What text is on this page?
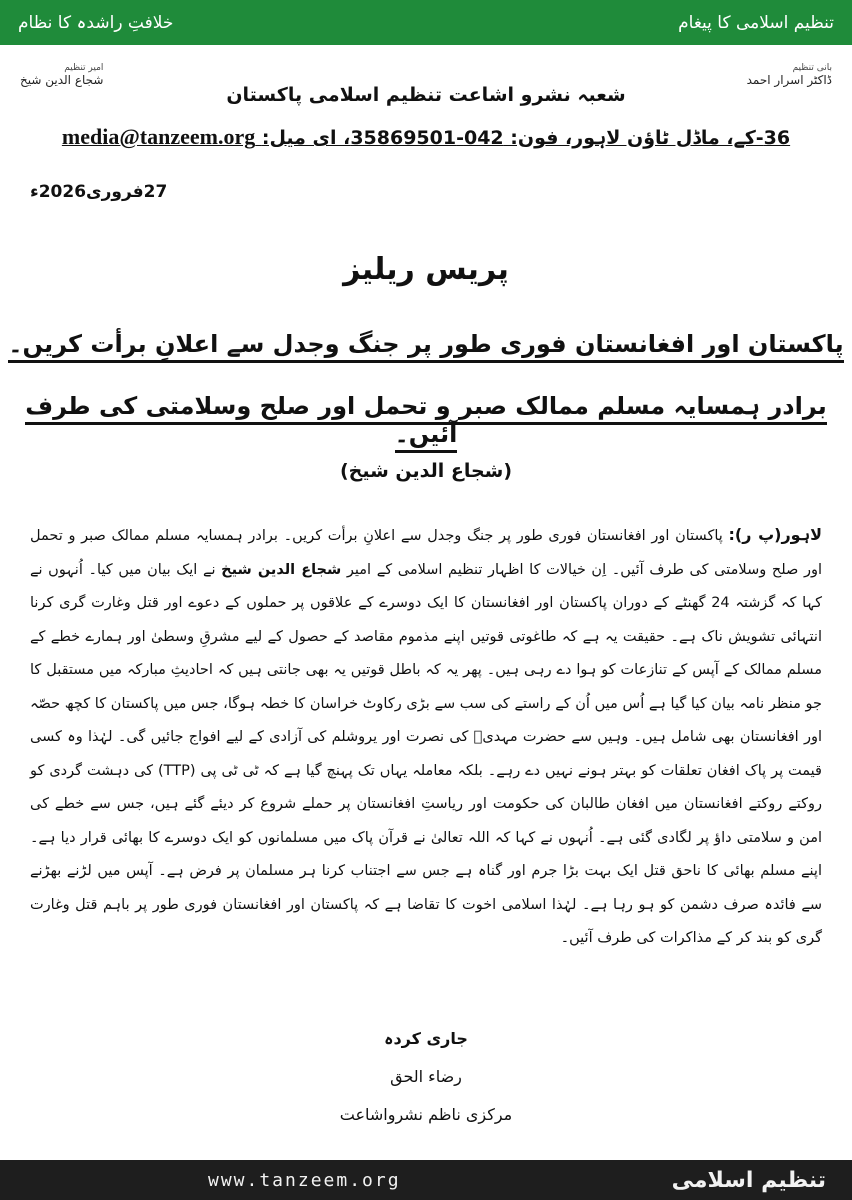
خلافتِ راشدہ کا نظام	تنظیم اسلامی کا پیغام
امیر تنظیم
شجاع الدین شیخ
بانی تنظیم
ڈاکٹر اسرار احمد
شعبہ نشرو اشاعت تنظیم اسلامی پاکستان
36-کے، ماڈل ٹاؤن لاہور، فون: 042-35869501، ای میل: media@tanzeem.org
27فروری2026ء
پریس ریلیز
پاکستان اور افغانستان فوری طور پر جنگ وجدل سے اعلانِ برأت کریں۔
برادر ہمسایہ مسلم ممالک صبر و تحمل اور صلح وسلامتی کی طرف آئیں۔
(شجاع الدین شیخ)
لاہور(پ ر): پاکستان اور افغانستان فوری طور پر جنگ وجدل سے اعلانِ برأت کریں۔ برادر ہمسایہ مسلم ممالک صبر و تحمل اور صلح وسلامتی کی طرف آئیں۔ اِن خیالات کا اظہار تنظیم اسلامی کے امیر شجاع الدین شیخ نے ایک بیان میں کیا۔ اُنہوں نے کہا کہ گزشتہ 24 گھنٹے کے دوران پاکستان اور افغانستان کا ایک دوسرے کے علاقوں پر حملوں کے دعوے اور قتل وغارت گری کرنا انتہائی تشویش ناک ہے۔ حقیقت یہ ہے کہ طاغوتی قوتیں اپنے مذموم مقاصد کے حصول کے لیے مشرقِ وسطیٰ اور ہمارے خطے کے مسلم ممالک کے آپس کے تنازعات کو ہوا دے رہی ہیں۔ پھر یہ کہ باطل قوتیں یہ بھی جانتی ہیں کہ احادیثِ مبارکہ میں مستقبل کا جو منظر نامہ بیان کیا گیا ہے اُس میں اُن کے راستے کی سب سے بڑی رکاوٹ خراسان کا خطہ ہوگا، جس میں پاکستان کا کچھ حصّہ اور افغانستان بھی شامل ہیں۔ وہیں سے حضرت مہدیؑ کی نصرت اور یروشلم کی آزادی کے لیے افواج جائیں گی۔ لہٰذا وہ کسی قیمت پر پاک افغان تعلقات کو بہتر ہونے نہیں دے رہے۔ بلکہ معاملہ یہاں تک پہنچ گیا ہے کہ ٹی ٹی پی (TTP) کی دہشت گردی کو روکتے روکتے افغانستان میں افغان طالبان کی حکومت اور ریاستِ افغانستان پر حملے شروع کر دیئے گئے ہیں، جس سے خطے کی امن و سلامتی داؤ پر لگادی گئی ہے۔ اُنہوں نے کہا کہ اللہ تعالیٰ نے قرآن پاک میں مسلمانوں کو ایک دوسرے کا بھائی قرار دیا ہے۔ اپنے مسلم بھائی کا ناحق قتل ایک بہت بڑا جرم اور گناہ ہے جس سے اجتناب کرنا ہر مسلمان پر فرض ہے۔ آپس میں لڑنے بھڑنے سے فائدہ صرف دشمن کو ہو رہا ہے۔ لہٰذا اسلامی اخوت کا تقاضا ہے کہ پاکستان اور افغانستان فوری طور پر باہم قتل وغارت گری کو بند کر کے مذاکرات کی طرف آئیں۔
جاری کردہ
رضاء الحق
مرکزی ناظم نشرواشاعت
www.tanzeem.org	تنظیم اسلامی
